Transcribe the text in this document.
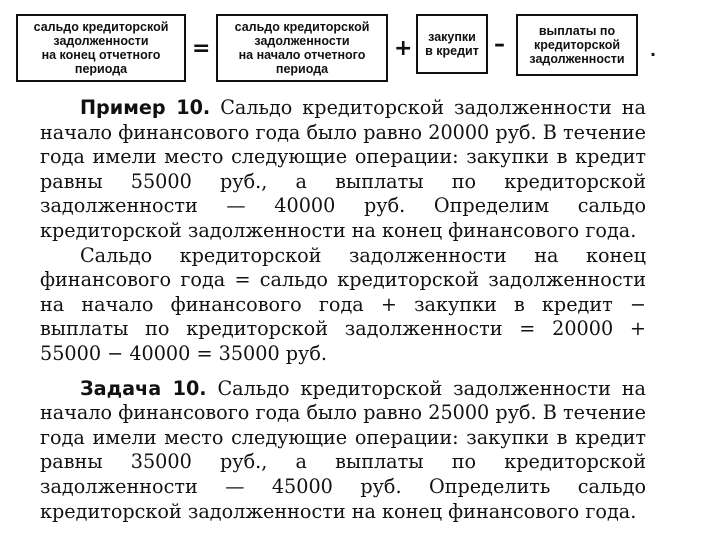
сальдо кредиторской
задолженности
на конец отчетного
периода
=
сальдо кредиторской
задолженности
на начало отчетного
периода
+ закупки
в кредит –
выплаты по
кредиторской
задолженности .

Пример 10. Сальдо кредиторской задолженности на начало финансового года было равно 20000 руб. В течение года имели место следующие операции: закупки в кредит равны 55000 руб., а выплаты по кредиторской задолженности — 40000 руб. Определим сальдо кредиторской задолженности на конец финансового года.

Сальдо кредиторской задолженности на конец финансового года = сальдо кредиторской задолженности на начало финансового года + закупки в кредит − выплаты по кредиторской задолженности = 20000 + 55000 − 40000 = 35000 руб.

Задача 10. Сальдо кредиторской задолженности на начало финансового года было равно 25000 руб. В течение года имели место следующие операции: закупки в кредит равны 35000 руб., а выплаты по кредиторской задолженности — 45000 руб. Определить сальдо кредиторской задолженности на конец финансового года.
